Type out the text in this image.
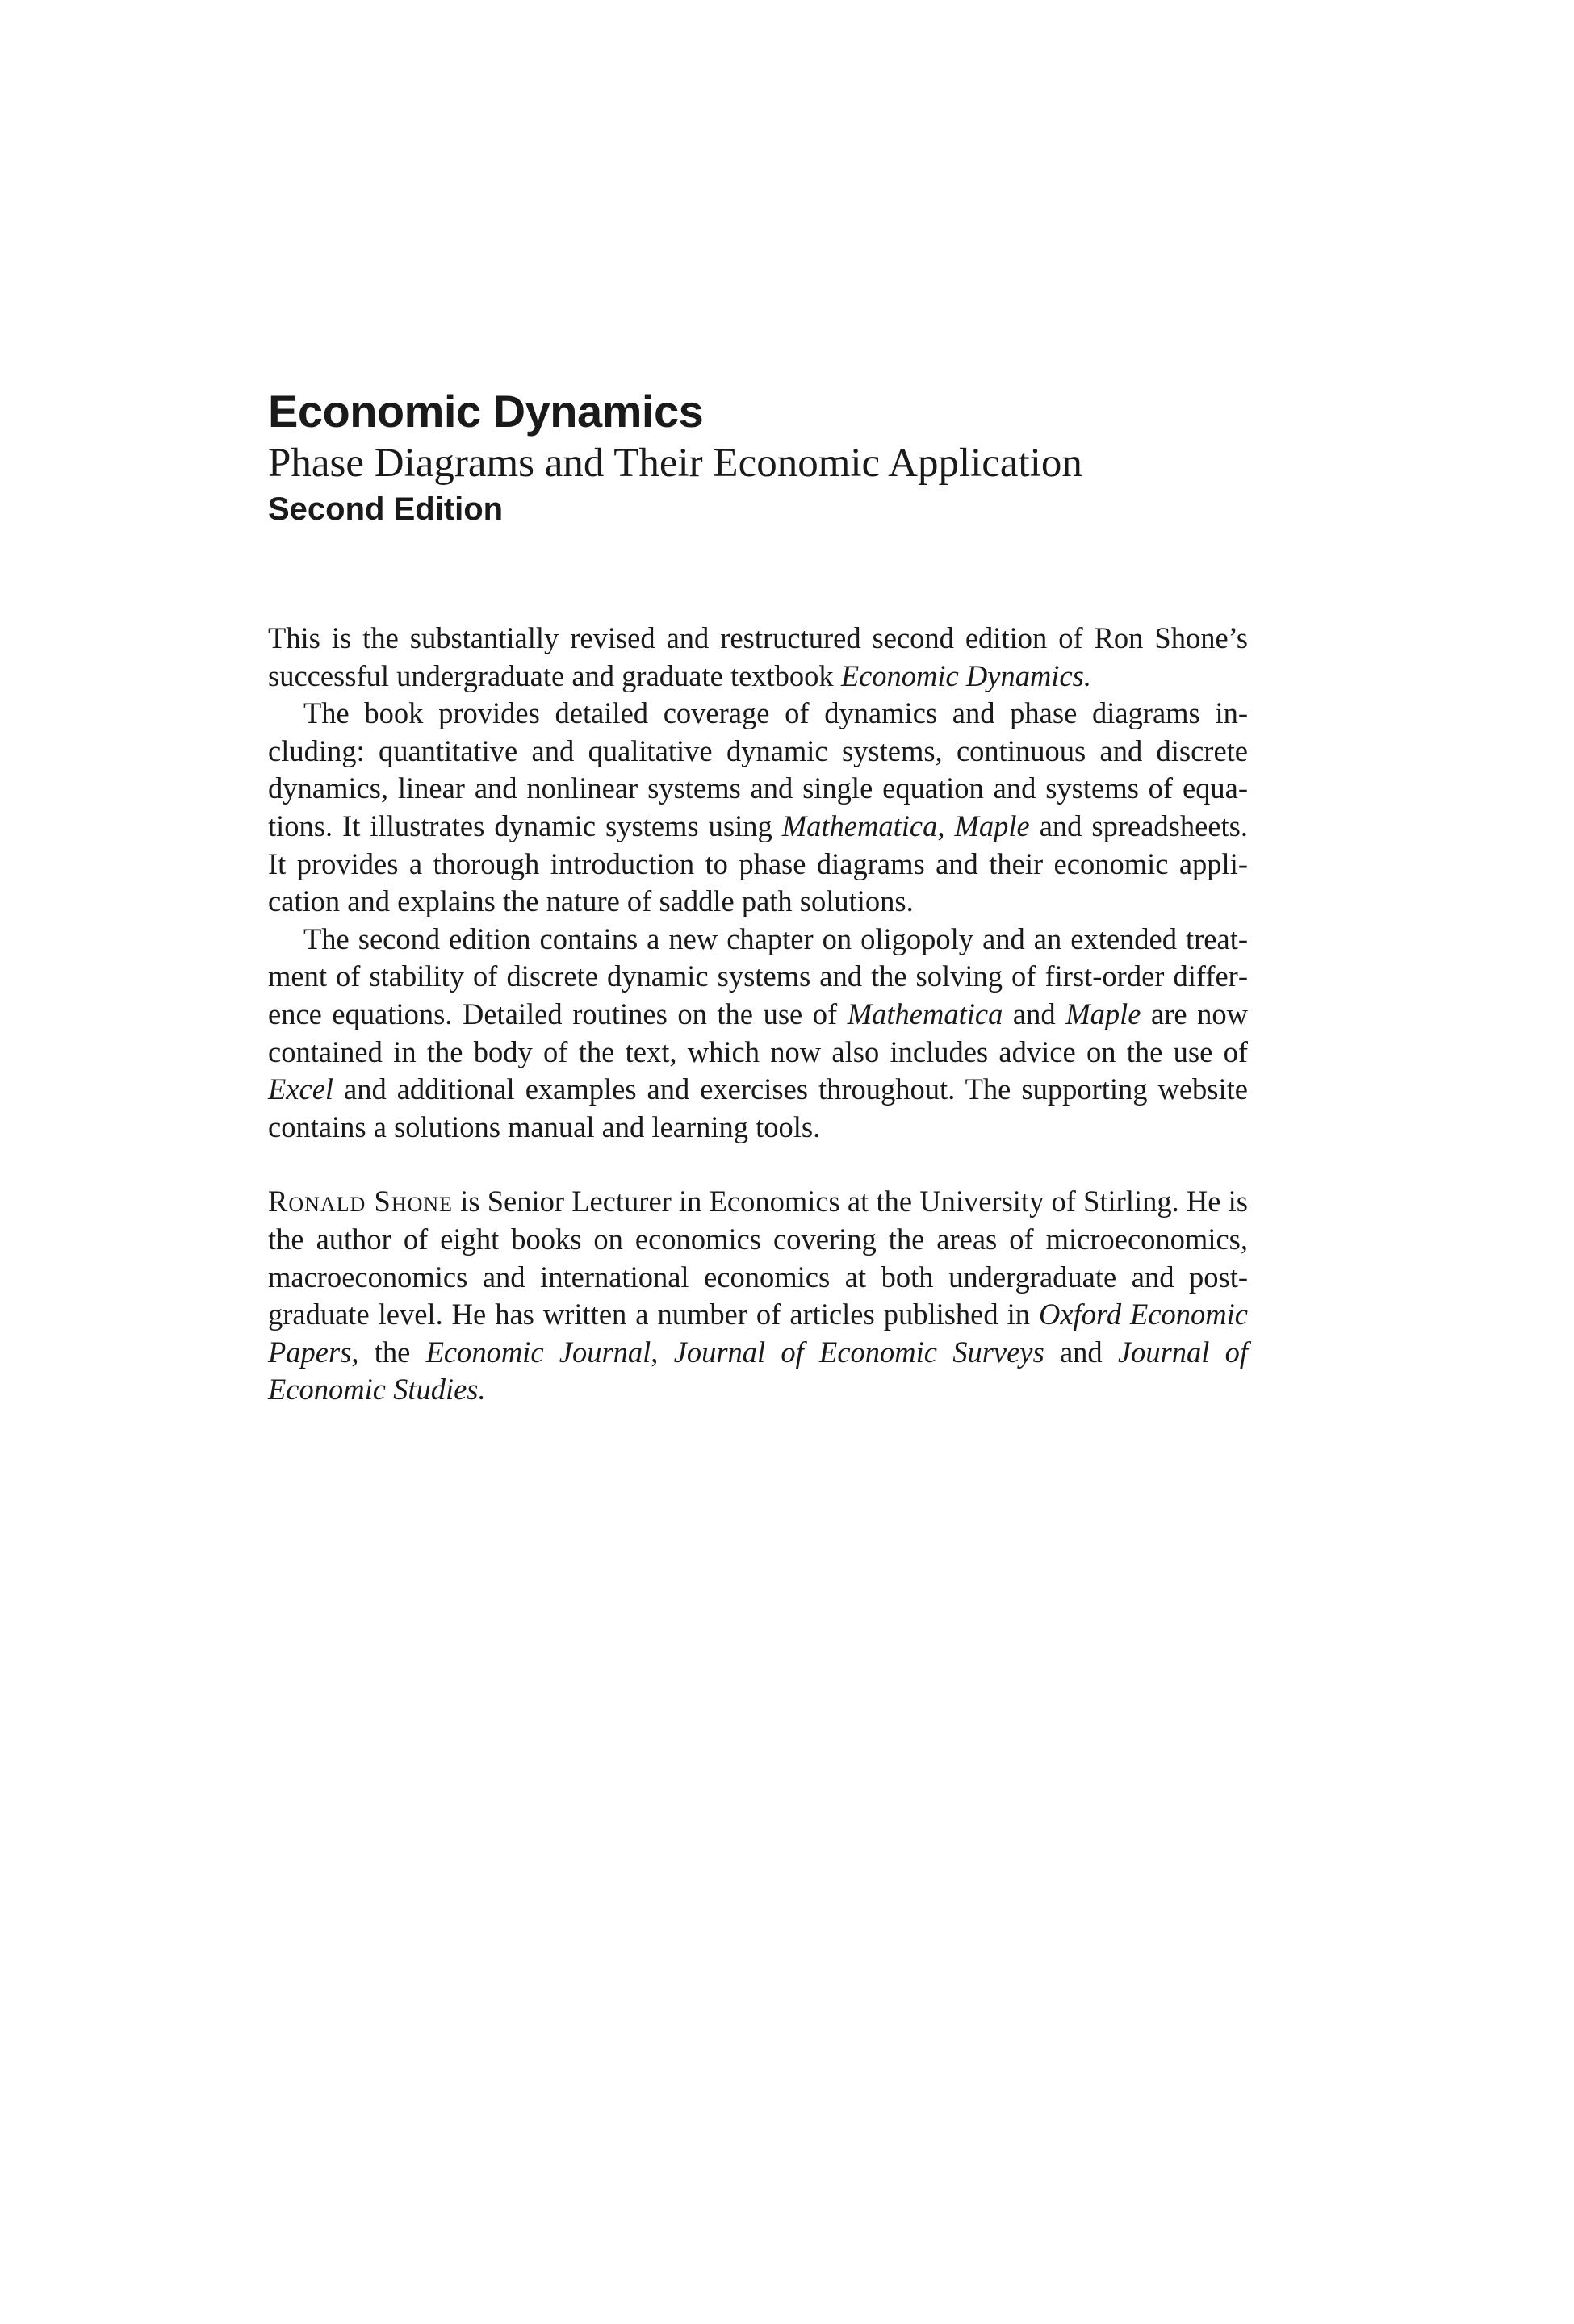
Economic Dynamics
Phase Diagrams and Their Economic Application
Second Edition

This is the substantially revised and restructured second edition of Ron Shone’s successful undergraduate and graduate textbook Economic Dynamics.

The book provides detailed coverage of dynamics and phase diagrams including: quantitative and qualitative dynamic systems, continuous and discrete dynamics, linear and nonlinear systems and single equation and systems of equations. It illustrates dynamic systems using Mathematica, Maple and spreadsheets. It provides a thorough introduction to phase diagrams and their economic application and explains the nature of saddle path solutions.

The second edition contains a new chapter on oligopoly and an extended treatment of stability of discrete dynamic systems and the solving of first-order difference equations. Detailed routines on the use of Mathematica and Maple are now contained in the body of the text, which now also includes advice on the use of Excel and additional examples and exercises throughout. The supporting website contains a solutions manual and learning tools.

Ronald Shone is Senior Lecturer in Economics at the University of Stirling. He is the author of eight books on economics covering the areas of microeconomics, macroeconomics and international economics at both undergraduate and postgraduate level. He has written a number of articles published in Oxford Economic Papers, the Economic Journal, Journal of Economic Surveys and Journal of Economic Studies.
